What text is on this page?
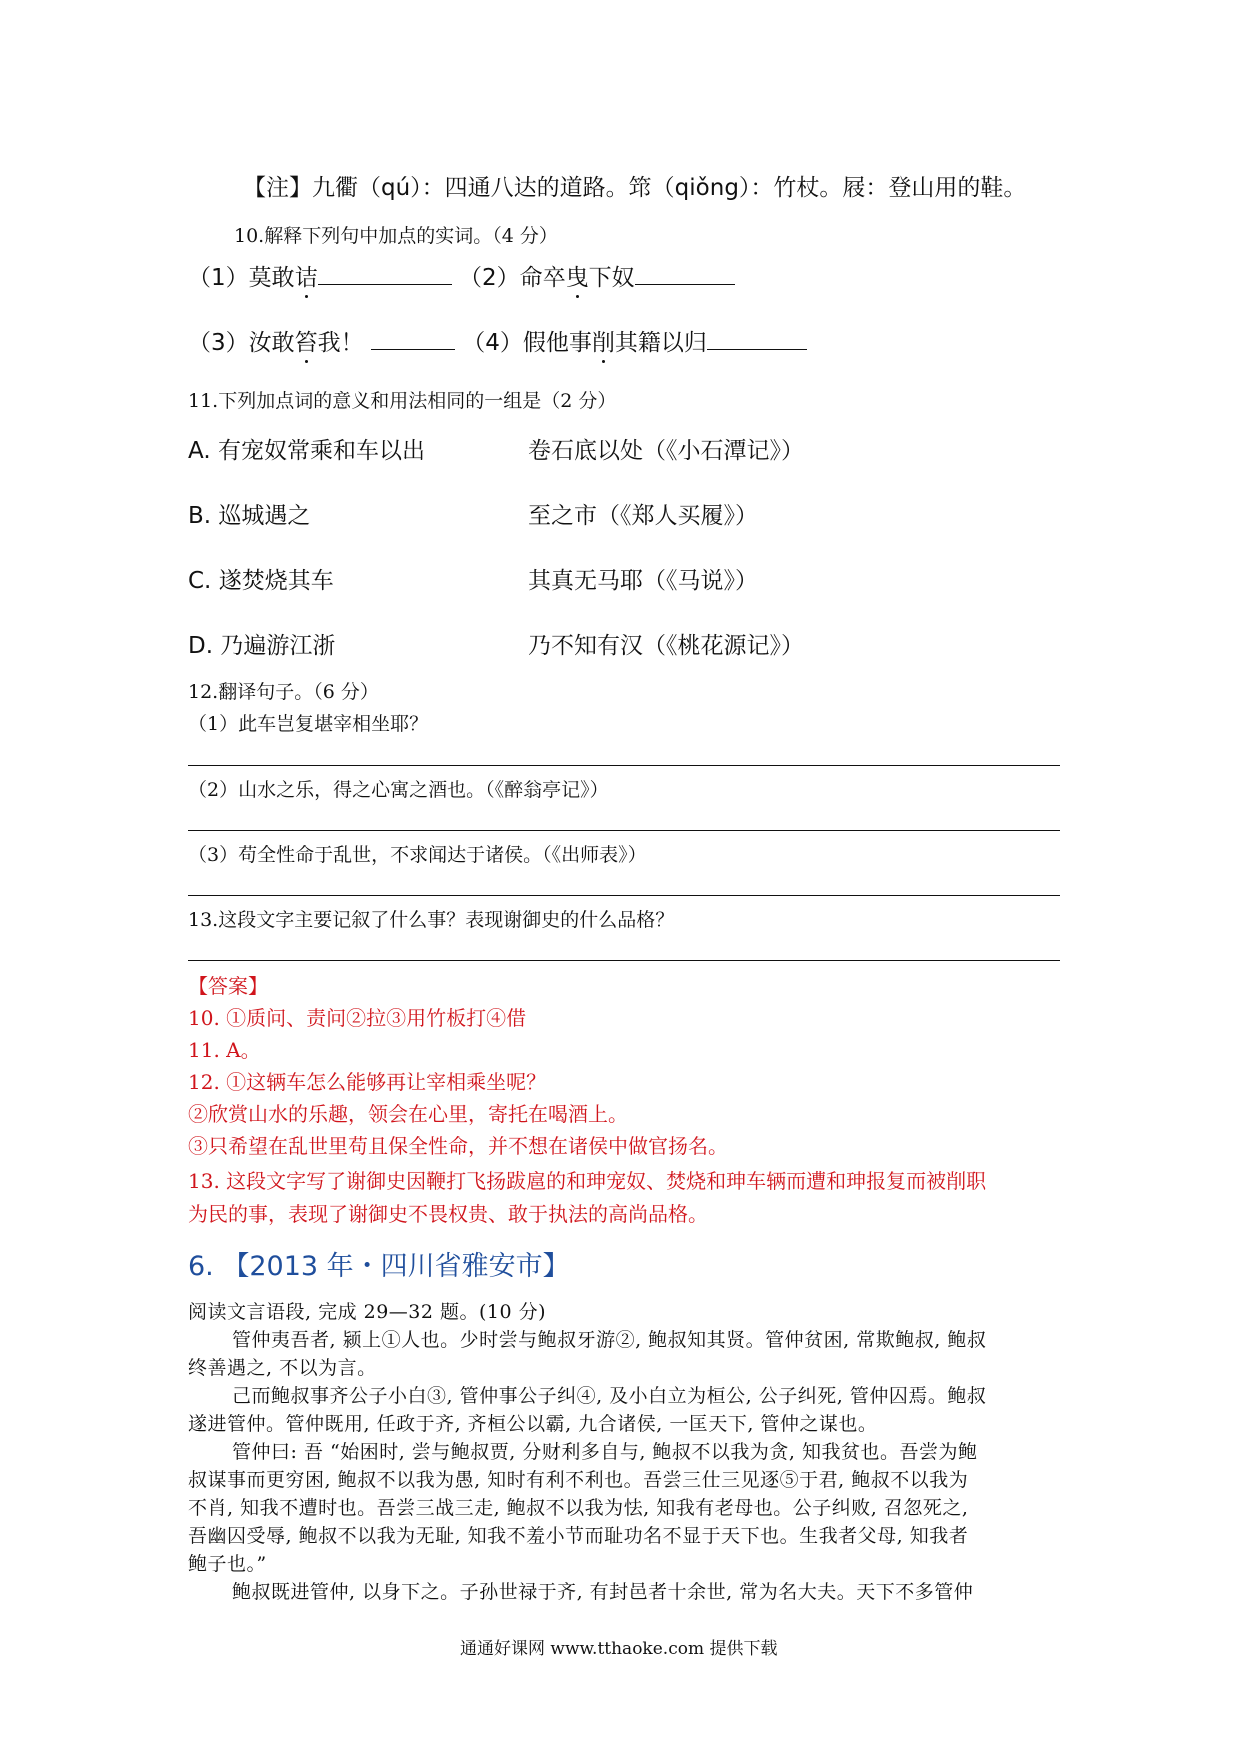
【注】九衢（qú）：四通八达的道路。筇（qiǒng）：竹杖。屐：登山用的鞋。
10.解释下列句中加点的实词。（4 分）
（1）莫敢诘	（2）命卒曳下奴
（3）汝敢笞我！	（4）假他事削其籍以归
11.下列加点词的意义和用法相同的一组是（2 分）
A. 有宠奴常乘和车以出	卷石底以处（《小石潭记》）
B. 巡城遇之	至之市（《郑人买履》）
C. 遂焚烧其车	其真无马耶（《马说》）
D. 乃遍游江浙	乃不知有汉（《桃花源记》）
12.翻译句子。（6 分）
（1）此车岂复堪宰相坐耶？
（2）山水之乐，得之心寓之酒也。（《醉翁亭记》）
（3）苟全性命于乱世，不求闻达于诸侯。（《出师表》）
13.这段文字主要记叙了什么事？表现谢御史的什么品格？
【答案】
10. ①质问、责问②拉③用竹板打④借
11. A。
12. ①这辆车怎么能够再让宰相乘坐呢？
②欣赏山水的乐趣，领会在心里，寄托在喝酒上。
③只希望在乱世里苟且保全性命，并不想在诸侯中做官扬名。
13. 这段文字写了谢御史因鞭打飞扬跋扈的和珅宠奴、焚烧和珅车辆而遭和珅报复而被削职
为民的事，表现了谢御史不畏权贵、敢于执法的高尚品格。
6. 【2013 年・四川省雅安市】
阅读文言语段, 完成 29—32 题。(10 分)
管仲夷吾者, 颍上①人也。少时尝与鲍叔牙游②, 鲍叔知其贤。管仲贫困, 常欺鲍叔, 鲍叔
终善遇之, 不以为言。
己而鲍叔事齐公子小白③, 管仲事公子纠④, 及小白立为桓公, 公子纠死, 管仲囚焉。鲍叔
遂进管仲。管仲既用, 任政于齐, 齐桓公以霸, 九合诸侯, 一匡天下, 管仲之谋也。
管仲曰: 吾 “始困时, 尝与鲍叔贾, 分财利多自与, 鲍叔不以我为贪, 知我贫也。吾尝为鲍
叔谋事而更穷困, 鲍叔不以我为愚, 知时有利不利也。吾尝三仕三见逐⑤于君, 鲍叔不以我为
不肖, 知我不遭时也。吾尝三战三走, 鲍叔不以我为怯, 知我有老母也。公子纠败, 召忽死之,
吾幽囚受辱, 鲍叔不以我为无耻, 知我不羞小节而耻功名不显于天下也。生我者父母, 知我者
鲍子也。”
鲍叔既进管仲, 以身下之。子孙世禄于齐, 有封邑者十余世, 常为名大夫。天下不多管仲
通通好课网 www.tthaoke.com 提供下载
